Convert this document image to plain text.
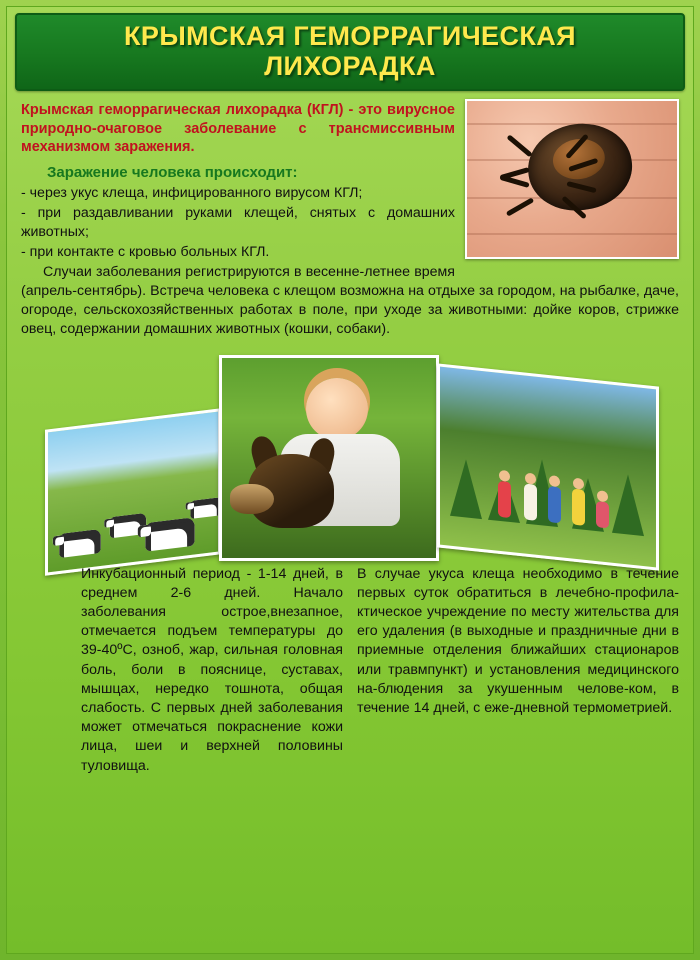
КРЫМСКАЯ ГЕМОРРАГИЧЕСКАЯ
ЛИХОРАДКА

Крымская геморрагическая лихорадка (КГЛ) - это вирусное природно-очаговое заболевание с трансмиссивным механизмом заражения.

Заражение человека происходит:

- через укус клеща, инфицированного вирусом КГЛ;

- при раздавливании руками клещей, снятых с домашних животных;

- при контакте с кровью больных КГЛ.

Случаи заболевания регистрируются в весенне-летнее время (апрель-сентябрь). Встреча человека с клещом возможна на отдыхе за городом, на рыбалке, даче, огороде, сельскохозяйственных работах в поле, при уходе за животными: дойке коров, стрижке овец, содержании домашних животных (кошки, собаки).

Инкубационный период - 1-14 дней, в среднем 2-6 дней. Начало заболевания острое,внезапное, отмечается подъем температуры до 39-40ºС, озноб, жар, сильная головная боль, боли в пояснице, суставах, мышцах, нередко тошнота, общая слабость. С первых дней заболевания может отмечаться покраснение кожи лица, шеи и верхней половины туловища.

В случае укуса клеща необходимо в течение первых суток обратиться в лечебно-профила-ктическое учреждение по месту жительства для его удаления (в выходные и праздничные дни в приемные отделения ближайших стационаров или травмпункт) и установления медицинского на-блюдения за укушенным челове-ком, в течение 14 дней, с еже-дневной термометрией.
